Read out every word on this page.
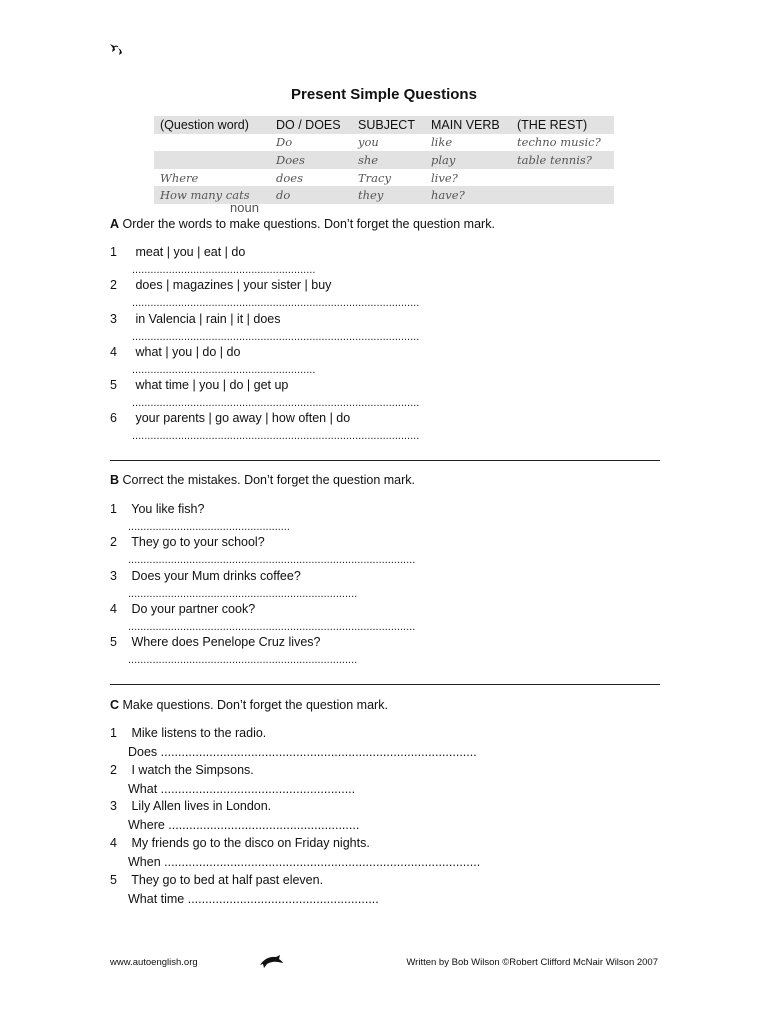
Present Simple Questions
(Question word)	DO / DOES	SUBJECT	MAIN VERB	(THE REST)
	Do	you	like	techno music?
	Does	she	play	table tennis?
Where	does	Tracy	live?	
How many cats	do	they	have?	
noun
A Order the words to make questions. Don’t forget the question mark.
1 meat | you | eat | do
............................................................
2 does | magazines | your sister | buy
..............................................................................................
3 in Valencia | rain | it | does
..............................................................................................
4 what | you | do | do
............................................................
5 what time | you | do | get up
..............................................................................................
6 your parents | go away | how often | do
..............................................................................................
B Correct the mistakes. Don’t forget the question mark.
1 You like fish?
.....................................................
2 They go to your school?
..............................................................................................
3 Does your Mum drinks coffee?
...........................................................................
4 Do your partner cook?
..............................................................................................
5 Where does Penelope Cruz lives?
...........................................................................
C Make questions. Don’t forget the question mark.
1 Mike listens to the radio.
Does ...........................................................................................
2 I watch the Simpsons.
What ........................................................
3 Lily Allen lives in London.
Where .......................................................
4 My friends go to the disco on Friday nights.
When ...........................................................................................
5 They go to bed at half past eleven.
What time .......................................................
www.autoenglish.org	Written by Bob Wilson ©Robert Clifford McNair Wilson 2007
